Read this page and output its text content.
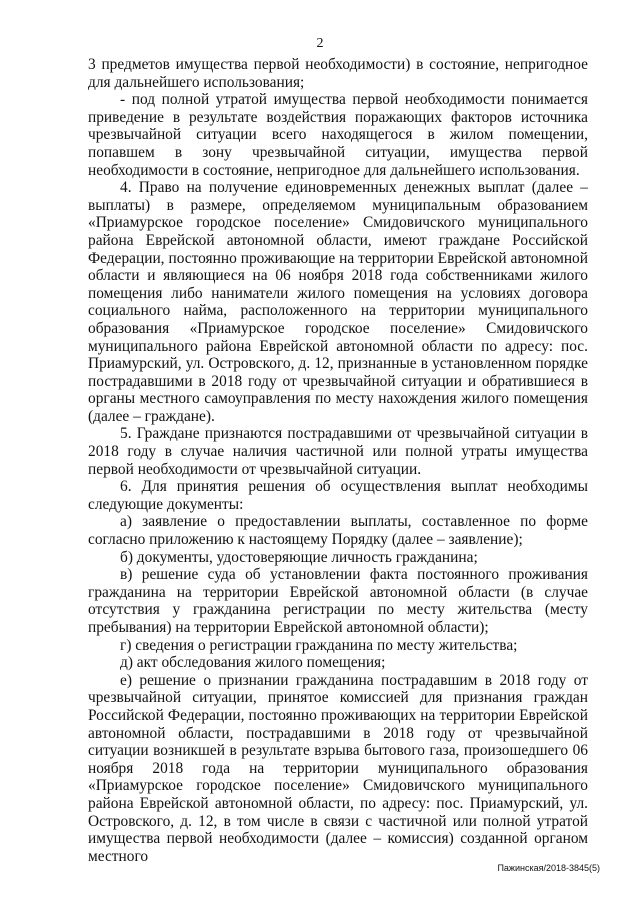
2

3 предметов имущества первой необходимости) в состояние, непригодное для дальнейшего использования;

- под полной утратой имущества первой необходимости понимается приведение в результате воздействия поражающих факторов источника чрезвычайной ситуации всего находящегося в жилом помещении, попавшем в зону чрезвычайной ситуации, имущества первой необходимости в состояние, непригодное для дальнейшего использования.

4. Право на получение единовременных денежных выплат (далее – выплаты) в размере, определяемом муниципальным образованием «Приамурское городское поселение» Смидовичского муниципального района Еврейской автономной области, имеют граждане Российской Федерации, постоянно проживающие на территории Еврейской автономной области и являющиеся на 06 ноября 2018 года собственниками жилого помещения либо наниматели жилого помещения на условиях договора социального найма, расположенного на территории муниципального образования «Приамурское городское поселение» Смидовичского муниципального района Еврейской автономной области по адресу: пос. Приамурский, ул. Островского, д. 12, признанные в установленном порядке пострадавшими в 2018 году от чрезвычайной ситуации и обратившиеся в органы местного самоуправления по месту нахождения жилого помещения (далее – граждане).

5. Граждане признаются пострадавшими от чрезвычайной ситуации в 2018 году в случае наличия частичной или полной утраты имущества первой необходимости от чрезвычайной ситуации.

6. Для принятия решения об осуществления выплат необходимы следующие документы:

а) заявление о предоставлении выплаты, составленное по форме согласно приложению к настоящему Порядку (далее – заявление);

б) документы, удостоверяющие личность гражданина;

в) решение суда об установлении факта постоянного проживания гражданина на территории Еврейской автономной области (в случае отсутствия у гражданина регистрации по месту жительства (месту пребывания) на территории Еврейской автономной области);

г) сведения о регистрации гражданина по месту жительства;

д) акт обследования жилого помещения;

е) решение о признании гражданина пострадавшим в 2018 году от чрезвычайной ситуации, принятое комиссией для признания граждан Российской Федерации, постоянно проживающих на территории Еврейской автономной области, пострадавшими в 2018 году от чрезвычайной ситуации возникшей в результате взрыва бытового газа, произошедшего 06 ноября 2018 года на территории муниципального образования «Приамурское городское поселение» Смидовичского муниципального района Еврейской автономной области, по адресу: пос. Приамурский, ул. Островского, д. 12, в том числе в связи с частичной или полной утратой имущества первой необходимости (далее – комиссия) созданной органом местного

Пажинская/2018-3845(5)
